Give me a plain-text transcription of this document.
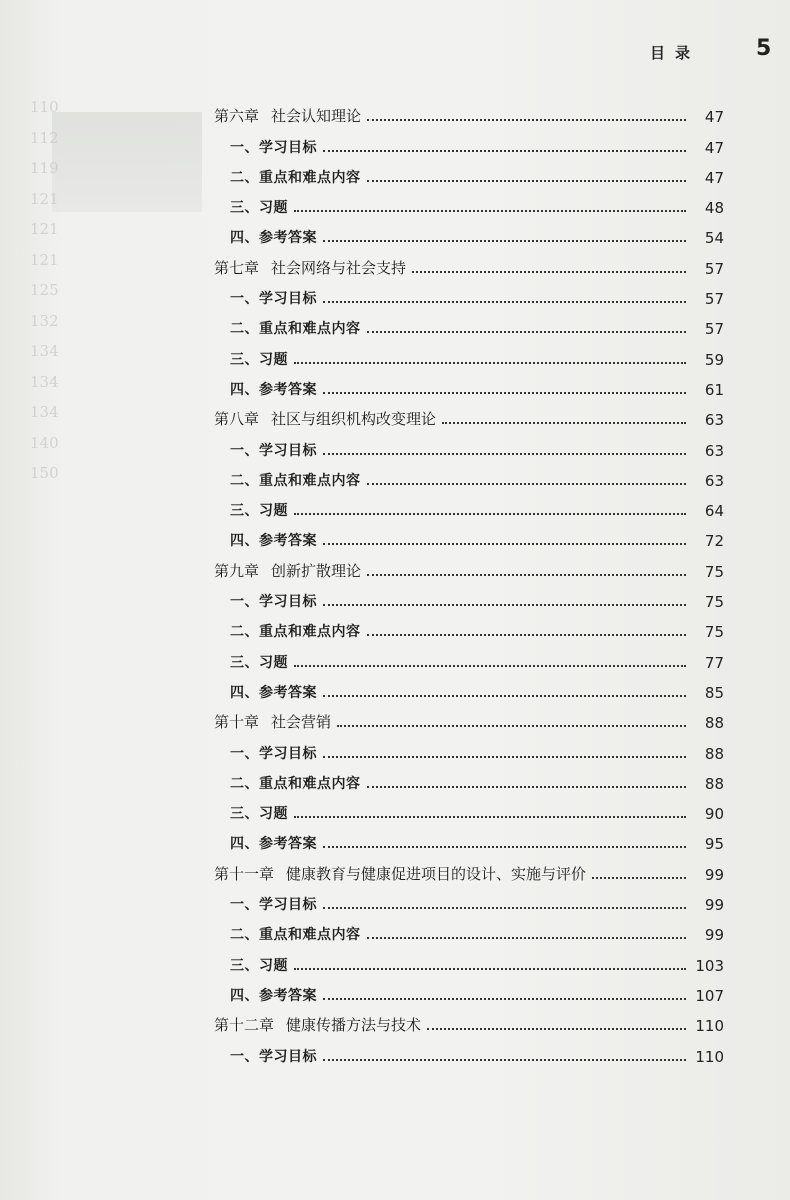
110
112
119
121
121
121
125
132
134
134
134
140
150
目录	5
第六章 社会认知理论	47
一、学习目标	47
二、重点和难点内容	47
三、习题	48
四、参考答案	54
第七章 社会网络与社会支持	57
一、学习目标	57
二、重点和难点内容	57
三、习题	59
四、参考答案	61
第八章 社区与组织机构改变理论	63
一、学习目标	63
二、重点和难点内容	63
三、习题	64
四、参考答案	72
第九章 创新扩散理论	75
一、学习目标	75
二、重点和难点内容	75
三、习题	77
四、参考答案	85
第十章 社会营销	88
一、学习目标	88
二、重点和难点内容	88
三、习题	90
四、参考答案	95
第十一章 健康教育与健康促进项目的设计、实施与评价	99
一、学习目标	99
二、重点和难点内容	99
三、习题	103
四、参考答案	107
第十二章 健康传播方法与技术	110
一、学习目标	110
